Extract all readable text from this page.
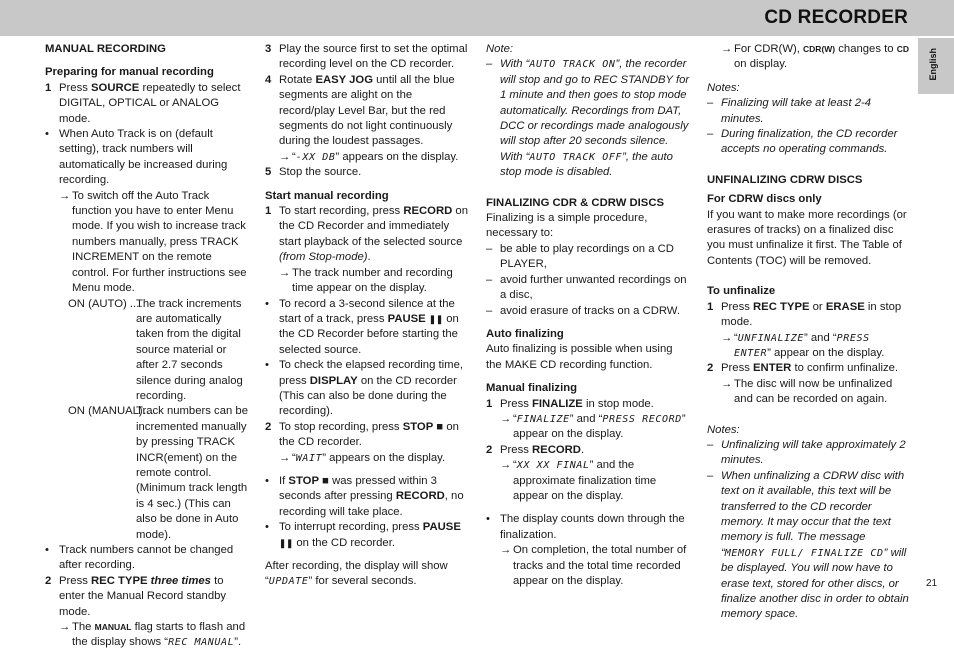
CD RECORDER
English
21
MANUAL RECORDING
Preparing for manual recording
1 Press SOURCE repeatedly to select DIGITAL, OPTICAL or ANALOG mode.
• When Auto Track is on (default setting), track numbers will automatically be increased during recording.
→ To switch off the Auto Track function you have to enter Menu mode. If you wish to increase track numbers manually, press TRACK INCREMENT on the remote control. For further instructions see Menu mode.
ON (AUTO) ....
The track increments are automatically taken from the digital source material or after 2.7 seconds silence during analog recording.
ON (MANUAL)…
Track numbers can be incremented manually by pressing TRACK INCR(ement) on the remote control. (Minimum track length is 4 sec.) (This can also be done in Auto mode).
• Track numbers cannot be changed after recording.
2 Press REC TYPE three times to enter the Manual Record standby mode.
→ The MANUAL flag starts to flash and the display shows “REC MANUAL”.
3 Play the source first to set the optimal recording level on the CD recorder.
4 Rotate EASY JOG until all the blue segments are alight on the record/play Level Bar, but the red segments do not light continuously during the loudest passages.
→ “-XX DB” appears on the display.
5 Stop the source.
Start manual recording
1 To start recording, press RECORD on the CD Recorder and immediately start playback of the selected source (from Stop-mode).
→ The track number and recording time appear on the display.
• To record a 3-second silence at the start of a track, press PAUSE ❚❚ on the CD Recorder before starting the selected source.
• To check the elapsed recording time, press DISPLAY on the CD recorder (This can also be done during the recording).
2 To stop recording, press STOP ■ on the CD recorder.
→ “WAIT” appears on the display.
• If STOP ■ was pressed within 3 seconds after pressing RECORD, no recording will take place.
• To interrupt recording, press PAUSE ❚❚ on the CD recorder.
After recording, the display will show “UPDATE” for several seconds.
Note:
– With “AUTO TRACK ON”, the recorder will stop and go to REC STANDBY for 1 minute and then goes to stop mode automatically. Recordings from DAT, DCC or recordings made analogously will stop after 20 seconds silence. With “AUTO TRACK OFF”, the auto stop mode is disabled.
FINALIZING CDR & CDRW DISCS
Finalizing is a simple procedure, necessary to:
– be able to play recordings on a CD PLAYER,
– avoid further unwanted recordings on a disc,
– avoid erasure of tracks on a CDRW.
Auto finalizing
Auto finalizing is possible when using the MAKE CD recording function.
Manual finalizing
1 Press FINALIZE in stop mode.
→ “FINALIZE” and “PRESS RECORD” appear on the display.
2 Press RECORD.
→ “XX XX FINAL” and the approximate finalization time appear on the display.
• The display counts down through the finalization.
→ On completion, the total number of tracks and the total time recorded appear on the display.
→ For CDR(W), CDR(W) changes to CD on display.
Notes:
– Finalizing will take at least 2-4 minutes.
– During finalization, the CD recorder accepts no operating commands.
UNFINALIZING CDRW DISCS
For CDRW discs only
If you want to make more recordings (or erasures of tracks) on a finalized disc you must unfinalize it first. The Table of Contents (TOC) will be removed.
To unfinalize
1 Press REC TYPE or ERASE in stop mode.
→ “UNFINALIZE” and “PRESS ENTER” appear on the display.
2 Press ENTER to confirm unfinalize.
→ The disc will now be unfinalized and can be recorded on again.
Notes:
– Unfinalizing will take approximately 2 minutes.
– When unfinalizing a CDRW disc with text on it available, this text will be transferred to the CD recorder memory. It may occur that the text memory is full. The message “MEMORY FULL/ FINALIZE CD” will be displayed. You will now have to erase text, stored for other discs, or finalize another disc in order to obtain memory space.
